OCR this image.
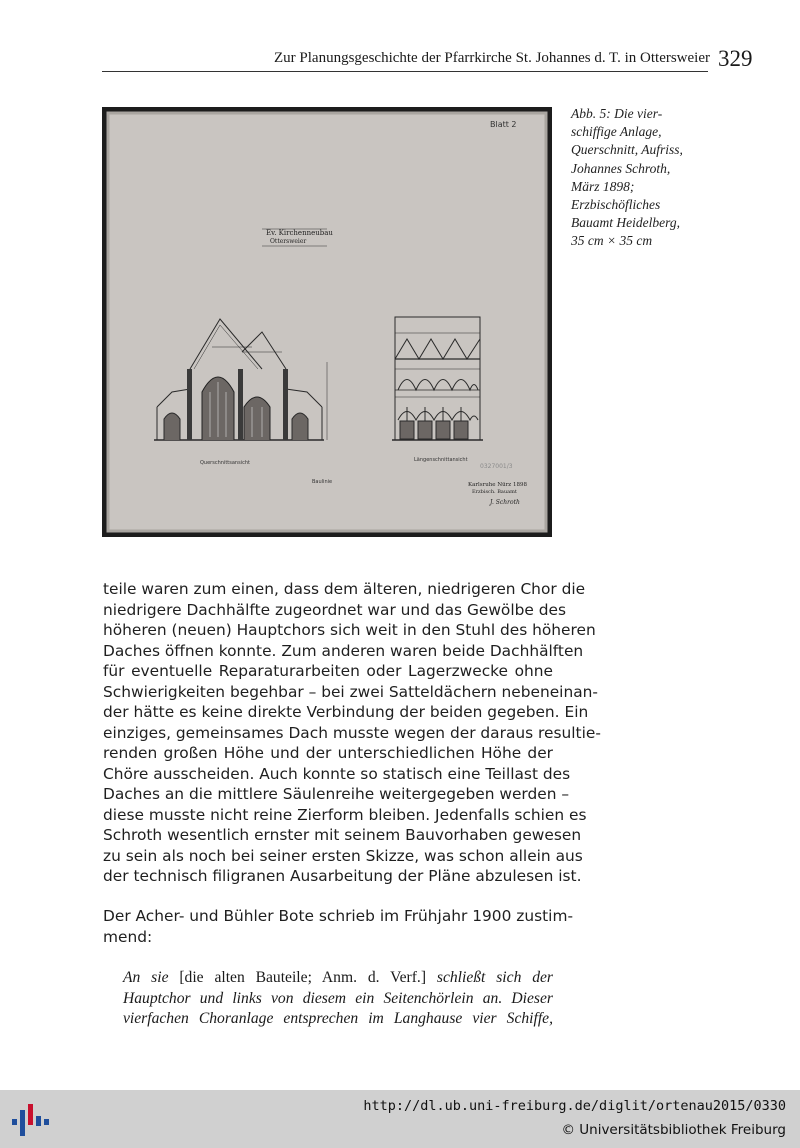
Zur Planungsgeschichte der Pfarrkirche St. Johannes d. T. in Ottersweier 329
Blatt 2
Ev. Kirchenneubau
Ottersweier
Querschnittsansicht	Längenschnittansicht
Baulinie
0327001/3
Karlsruhe Nürz 1898
Erzbisch. Bauamt
J. Schroth
Abb. 5: Die vier-
schiffige Anlage,
Querschnitt, Aufriss,
Johannes Schroth,
März 1898;
Erzbischöfliches
Bauamt Heidelberg,
35 cm × 35 cm
teile waren zum einen, dass dem älteren, niedrigeren Chor die
niedrigere Dachhälfte zugeordnet war und das Gewölbe des
höheren (neuen) Hauptchors sich weit in den Stuhl des höheren
Daches öffnen konnte. Zum anderen waren beide Dachhälften
für eventuelle Reparaturarbeiten oder Lagerzwecke ohne
Schwierigkeiten begehbar – bei zwei Satteldächern nebeneinan-
der hätte es keine direkte Verbindung der beiden gegeben. Ein
einziges, gemeinsames Dach musste wegen der daraus resultie-
renden großen Höhe und der unterschiedlichen Höhe der
Chöre ausscheiden. Auch konnte so statisch eine Teillast des
Daches an die mittlere Säulenreihe weitergegeben werden –
diese musste nicht reine Zierform bleiben. Jedenfalls schien es
Schroth wesentlich ernster mit seinem Bauvorhaben gewesen
zu sein als noch bei seiner ersten Skizze, was schon allein aus
der technisch filigranen Ausarbeitung der Pläne abzulesen ist.
Der Acher- und Bühler Bote schrieb im Frühjahr 1900 zustim-
mend:
An sie [die alten Bauteile; Anm. d. Verf.] schließt sich der
Hauptchor und links von diesem ein Seitenchörlein an. Dieser
vierfachen Choranlage entsprechen im Langhause vier Schiffe,
http://dl.ub.uni-freiburg.de/diglit/ortenau2015/0330
© Universitätsbibliothek Freiburg
